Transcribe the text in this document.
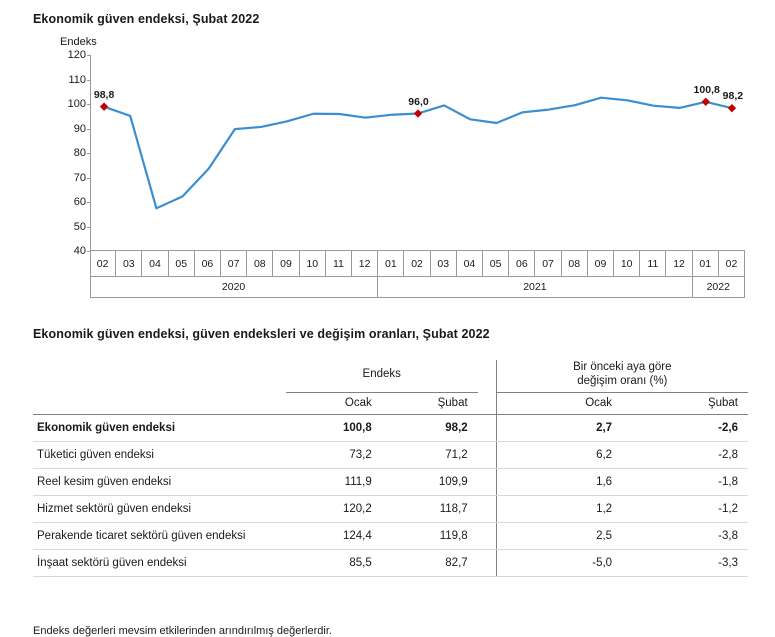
Ekonomik güven endeksi, Şubat 2022
Endeks
40
50
60
70
80
90
100
110
120
98,8
96,0
100,8
98,2
02	03	04	05	06	07	08	09	10	11	12	01	02	03	04	05	06	07	08	09	10	11	12	01	02
2020	2021	2022
Ekonomik güven endeksi, güven endeksleri ve değişim oranları, Şubat 2022
	Endeks			Bir önceki aya göre
değişim oranı (%)	

	Ocak	Şubat		Ocak	Şubat
Ekonomik güven endeksi	100,8	98,2		2,7	-2,6
Tüketici güven endeksi	73,2	71,2		6,2	-2,8
Reel kesim güven endeksi	111,9	109,9		1,6	-1,8
Hizmet sektörü güven endeksi	120,2	118,7		1,2	-1,2
Perakende ticaret sektörü güven endeksi	124,4	119,8		2,5	-3,8
İnşaat sektörü güven endeksi	85,5	82,7		-5,0	-3,3
Endeks değerleri mevsim etkilerinden arındırılmış değerlerdir.
